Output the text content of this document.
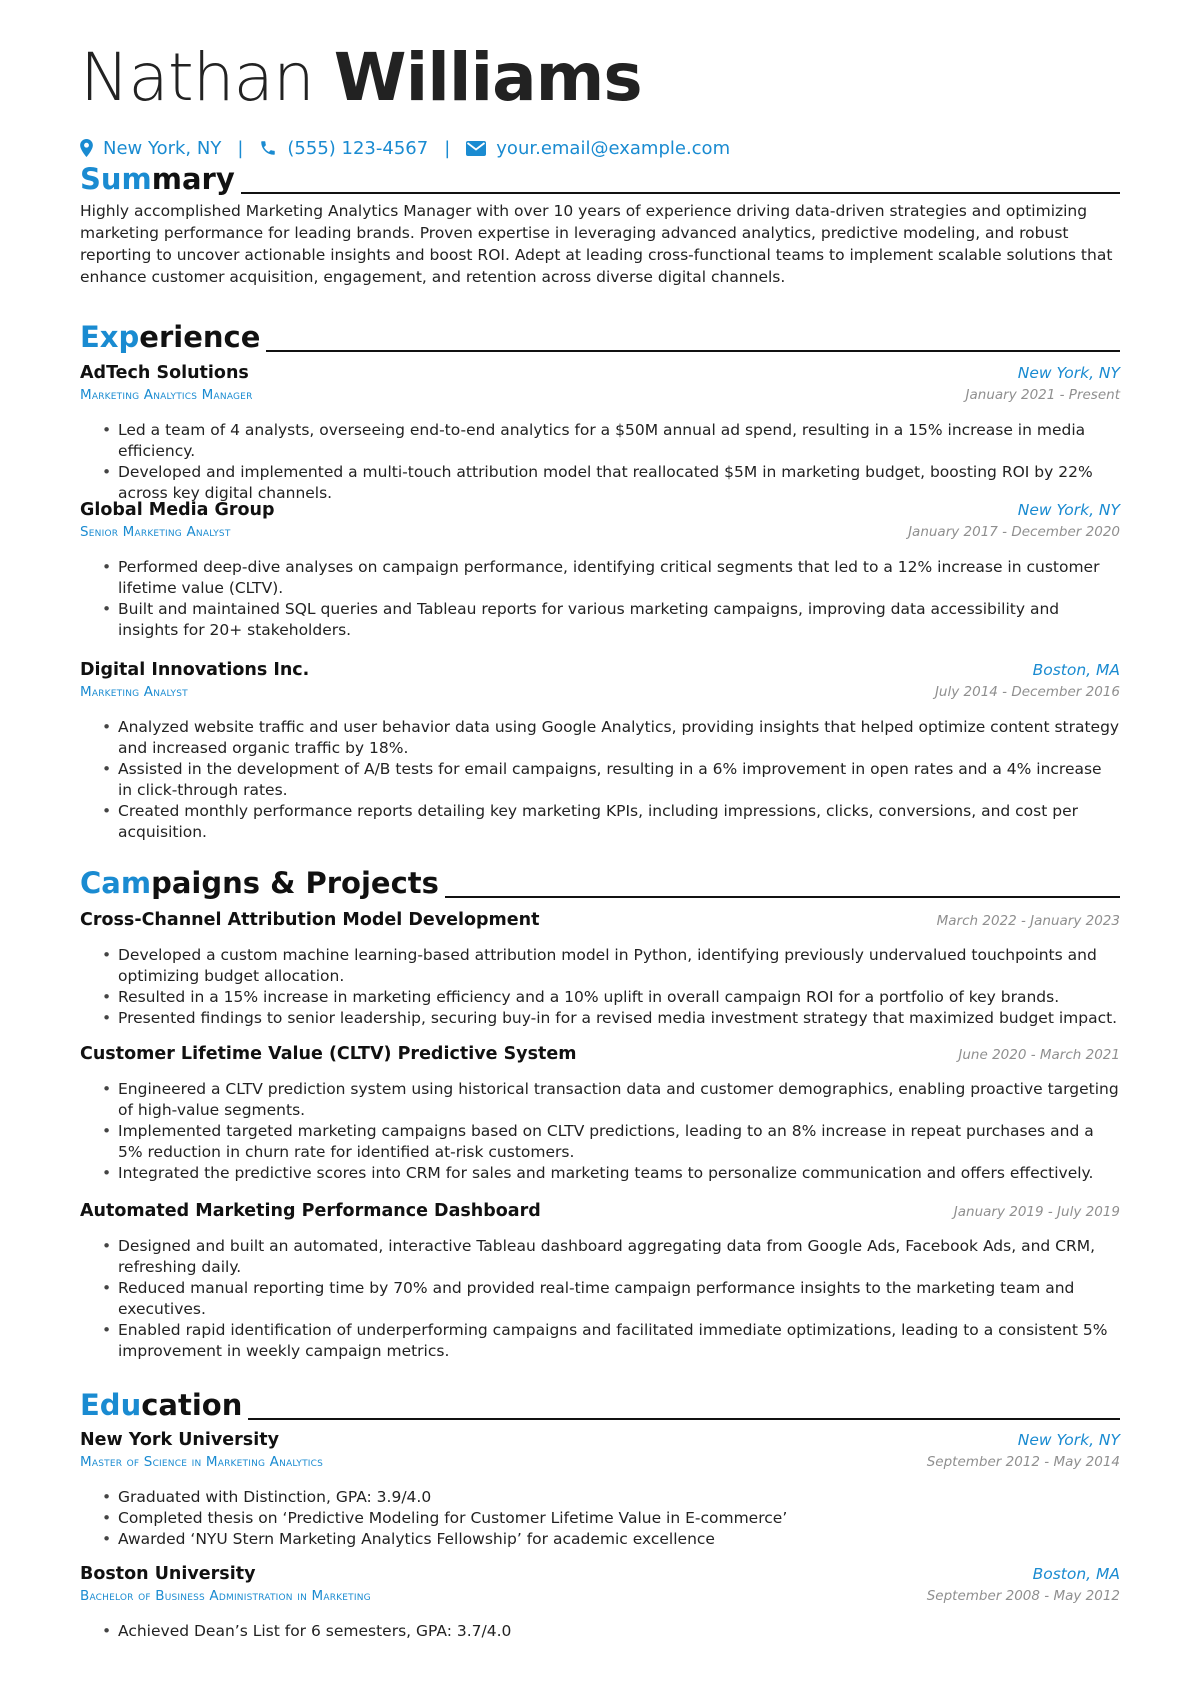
Nathan Williams
New York, NY | (555) 123-4567 |	your.email@example.com
Summary
Highly accomplished Marketing Analytics Manager with over 10 years of experience driving data-driven strategies and optimizing marketing performance for leading brands. Proven expertise in leveraging advanced analytics, predictive modeling, and robust reporting to uncover actionable insights and boost ROI. Adept at leading cross-functional teams to implement scalable solutions that enhance customer acquisition, engagement, and retention across diverse digital channels.
Experience
AdTech Solutions	New York, NY
Marketing Analytics Manager	January 2021 - Present
• Led a team of 4 analysts, overseeing end-to-end analytics for a $50M annual ad spend, resulting in a 15% increase in media efficiency.
• Developed and implemented a multi-touch attribution model that reallocated $5M in marketing budget, boosting ROI by 22% across key digital channels.
Global Media Group	New York, NY
Senior Marketing Analyst	January 2017 - December 2020
• Performed deep-dive analyses on campaign performance, identifying critical segments that led to a 12% increase in customer lifetime value (CLTV).
• Built and maintained SQL queries and Tableau reports for various marketing campaigns, improving data accessibility and insights for 20+ stakeholders.
Digital Innovations Inc.	Boston, MA
Marketing Analyst	July 2014 - December 2016
• Analyzed website traffic and user behavior data using Google Analytics, providing insights that helped optimize content strategy and increased organic traffic by 18%.
• Assisted in the development of A/B tests for email campaigns, resulting in a 6% improvement in open rates and a 4% increase in click-through rates.
• Created monthly performance reports detailing key marketing KPIs, including impressions, clicks, conversions, and cost per acquisition.
Campaigns & Projects
Cross-Channel Attribution Model Development	March 2022 - January 2023
• Developed a custom machine learning-based attribution model in Python, identifying previously undervalued touchpoints and optimizing budget allocation.
• Resulted in a 15% increase in marketing efficiency and a 10% uplift in overall campaign ROI for a portfolio of key brands.
• Presented findings to senior leadership, securing buy-in for a revised media investment strategy that maximized budget impact.
Customer Lifetime Value (CLTV) Predictive System	June 2020 - March 2021
• Engineered a CLTV prediction system using historical transaction data and customer demographics, enabling proactive targeting of high-value segments.
• Implemented targeted marketing campaigns based on CLTV predictions, leading to an 8% increase in repeat purchases and a 5% reduction in churn rate for identified at-risk customers.
• Integrated the predictive scores into CRM for sales and marketing teams to personalize communication and offers effectively.
Automated Marketing Performance Dashboard	January 2019 - July 2019
• Designed and built an automated, interactive Tableau dashboard aggregating data from Google Ads, Facebook Ads, and CRM, refreshing daily.
• Reduced manual reporting time by 70% and provided real-time campaign performance insights to the marketing team and executives.
• Enabled rapid identification of underperforming campaigns and facilitated immediate optimizations, leading to a consistent 5% improvement in weekly campaign metrics.
Education
New York University	New York, NY
Master of Science in Marketing Analytics	September 2012 - May 2014
• Graduated with Distinction, GPA: 3.9/4.0
• Completed thesis on ‘Predictive Modeling for Customer Lifetime Value in E-commerce’
• Awarded ‘NYU Stern Marketing Analytics Fellowship’ for academic excellence
Boston University	Boston, MA
Bachelor of Business Administration in Marketing	September 2008 - May 2012
• Achieved Dean’s List for 6 semesters, GPA: 3.7/4.0
